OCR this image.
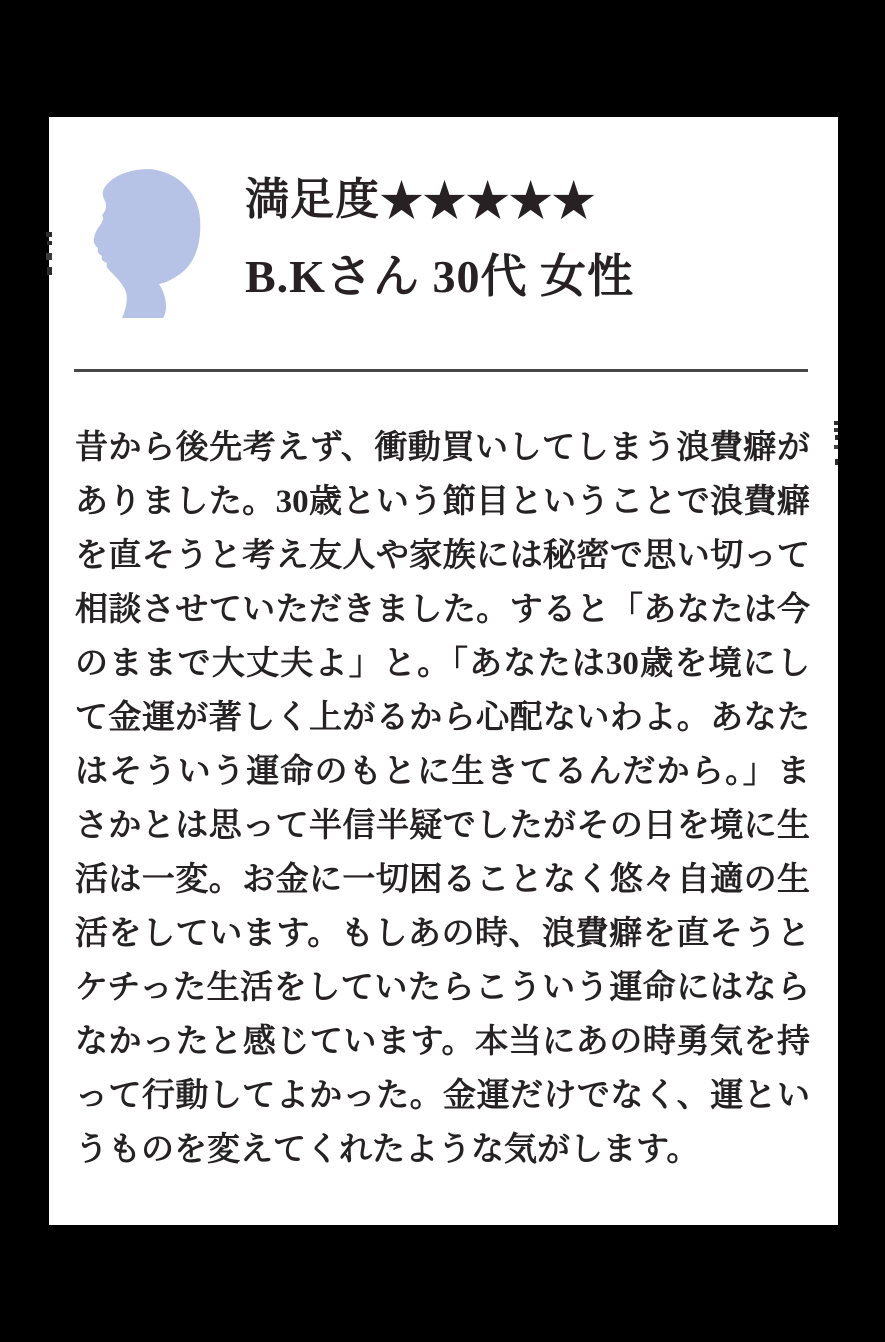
満足度★★★★★
B.Kさん 30代 女性
昔から後先考えず、衝動買いしてしまう浪費癖が
ありました。30歳という節目ということで浪費癖
を直そうと考え友人や家族には秘密で思い切って
相談させていただきました。すると「あなたは今
のままで大丈夫よ」と。「あなたは30歳を境にし
て金運が著しく上がるから心配ないわよ。あなた
はそういう運命のもとに生きてるんだから。」ま
さかとは思って半信半疑でしたがその日を境に生
活は一変。お金に一切困ることなく悠々自適の生
活をしています。もしあの時、浪費癖を直そうと
ケチった生活をしていたらこういう運命にはなら
なかったと感じています。本当にあの時勇気を持
って行動してよかった。金運だけでなく、運とい
うものを変えてくれたような気がします。
